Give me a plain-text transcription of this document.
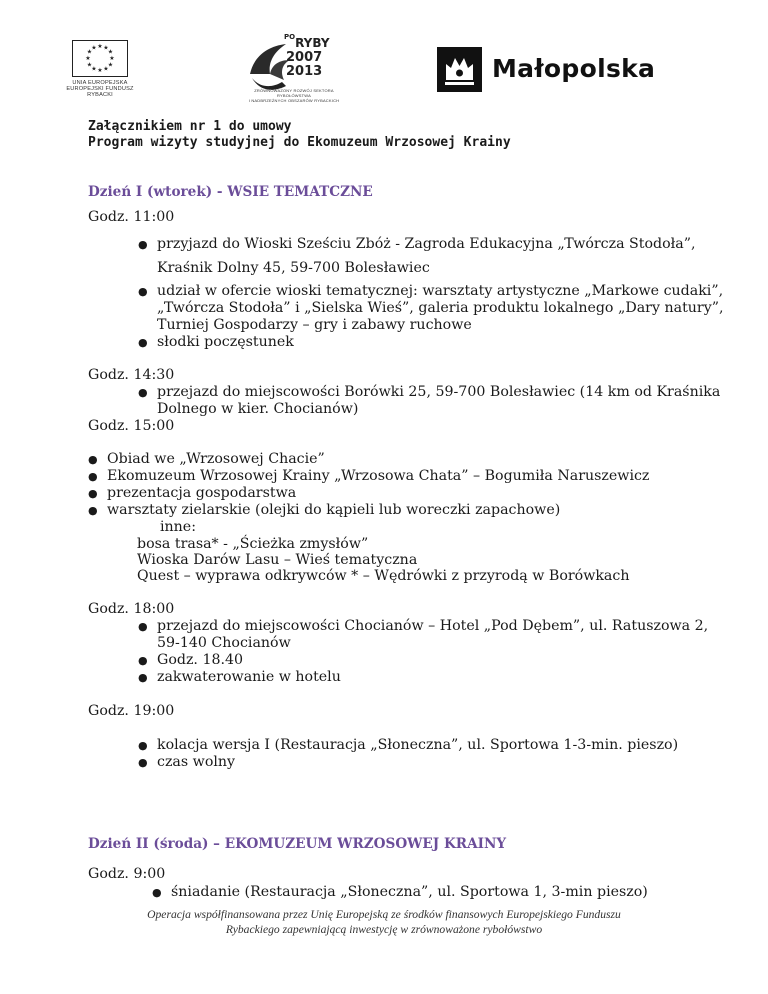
★ ★
★
★
★
★
★
★
★
★
★
★
UNIA EUROPEJSKA
EUROPEJSKI FUNDUSZ
RYBACKI
$^{PO}$RYBY
2007
2013
ZRÓWNOWAŻONY ROZWÓJ SEKTORA RYBOŁÓWSTWA
I NADBRZEŻNYCH OBSZARÓW RYBACKICH
Małopolska
Załącznikiem nr 1 do umowy
Program wizyty studyjnej do Ekomuzeum Wrzosowej Krainy
Dzień I (wtorek) - WSIE TEMATCZNE
Godz. 11:00
● przyjazd do Wioski Sześciu Zbóż - Zagroda Edukacyjna „Twórcza Stodoła”,
Kraśnik Dolny 45, 59-700 Bolesławiec
● udział w ofercie wioski tematycznej: warsztaty artystyczne „Markowe cudaki”,
„Twórcza Stodoła” i „Sielska Wieś”, galeria produktu lokalnego „Dary natury”,
Turniej Gospodarzy – gry i zabawy ruchowe
● słodki poczęstunek
Godz. 14:30
● przejazd do miejscowości Borówki 25, 59-700 Bolesławiec (14 km od Kraśnika
Dolnego w kier. Chocianów)
Godz. 15:00
● Obiad we „Wrzosowej Chacie”
● Ekomuzeum Wrzosowej Krainy „Wrzosowa Chata” – Bogumiła Naruszewicz
● prezentacja gospodarstwa
● warsztaty zielarskie (olejki do kąpieli lub woreczki zapachowe)
inne:
bosa trasa* - „Ścieżka zmysłów”
Wioska Darów Lasu – Wieś tematyczna
Quest – wyprawa odkrywców * – Wędrówki z przyrodą w Borówkach
Godz. 18:00
● przejazd do miejscowości Chocianów – Hotel „Pod Dębem”, ul. Ratuszowa 2,
59-140 Chocianów
● Godz. 18.40
● zakwaterowanie w hotelu
Godz. 19:00
● kolacja wersja I (Restauracja „Słoneczna”, ul. Sportowa 1-3-min. pieszo)
● czas wolny
Dzień II (środa) – EKOMUZEUM WRZOSOWEJ KRAINY
Godz. 9:00
● śniadanie (Restauracja „Słoneczna”, ul. Sportowa 1, 3-min pieszo)
Operacja współfinansowana przez Unię Europejską ze środków finansowych Europejskiego Funduszu
Rybackiego zapewniającą inwestycję w zrównoważone rybołówstwo
